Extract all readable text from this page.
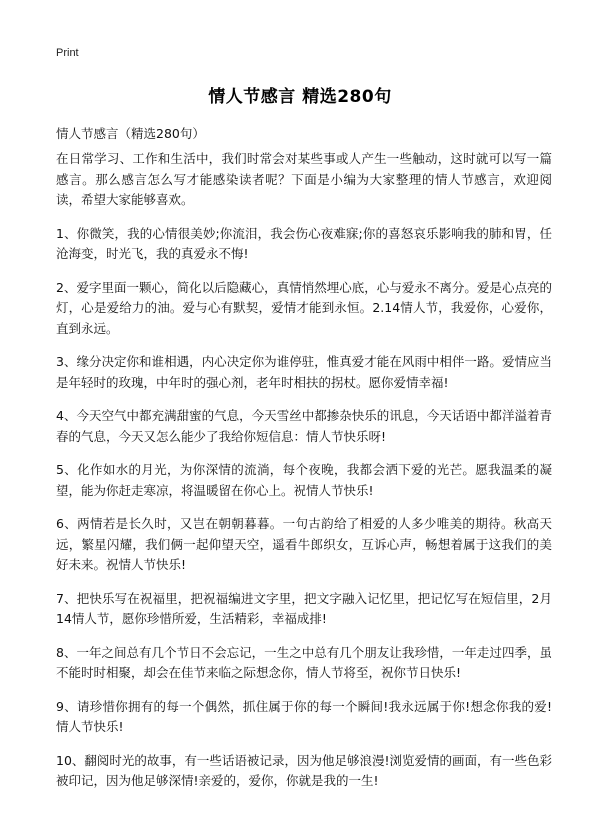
Print
情人节感言 精选280句
情人节感言（精选280句）

在日常学习、工作和生活中，我们时常会对某些事或人产生一些触动，这时就可以写一篇感言。那么感言怎么写才能感染读者呢？下面是小编为大家整理的情人节感言，欢迎阅读，希望大家能够喜欢。

1、你微笑，我的心情很美妙;你流泪，我会伤心夜难寐;你的喜怒哀乐影响我的肺和胃，任沧海变，时光飞，我的真爱永不悔!

2、爱字里面一颗心，简化以后隐藏心，真情悄然埋心底，心与爱永不离分。爱是心点亮的灯，心是爱给力的油。爱与心有默契，爱情才能到永恒。2.14情人节，我爱你，心爱你，直到永远。

3、缘分决定你和谁相遇，内心决定你为谁停驻，惟真爱才能在风雨中相伴一路。爱情应当是年轻时的玫瑰，中年时的强心剂，老年时相扶的拐杖。愿你爱情幸福!

4、今天空气中都充满甜蜜的气息，今天雪丝中都掺杂快乐的讯息，今天话语中都洋溢着青春的气息，今天又怎么能少了我给你短信息：情人节快乐呀!

5、化作如水的月光，为你深情的流淌，每个夜晚，我都会洒下爱的光芒。愿我温柔的凝望，能为你赶走寒凉，将温暖留在你心上。祝情人节快乐!

6、两情若是长久时，又岂在朝朝暮暮。一句古韵给了相爱的人多少唯美的期待。秋高天远，繁星闪耀，我们俩一起仰望天空，遥看牛郎织女，互诉心声，畅想着属于这我们的美好未来。祝情人节快乐!

7、把快乐写在祝福里，把祝福编进文字里，把文字融入记忆里，把记忆写在短信里，2月14情人节，愿你珍惜所爱，生活精彩，幸福成排!

8、一年之间总有几个节日不会忘记，一生之中总有几个朋友让我珍惜，一年走过四季，虽不能时时相聚，却会在佳节来临之际想念你，情人节将至，祝你节日快乐!

9、请珍惜你拥有的每一个偶然，抓住属于你的每一个瞬间!我永远属于你!想念你我的爱!情人节快乐!

10、翻阅时光的故事，有一些话语被记录，因为他足够浪漫!浏览爱情的画面，有一些色彩被印记，因为他足够深情!亲爱的，爱你，你就是我的一生!
